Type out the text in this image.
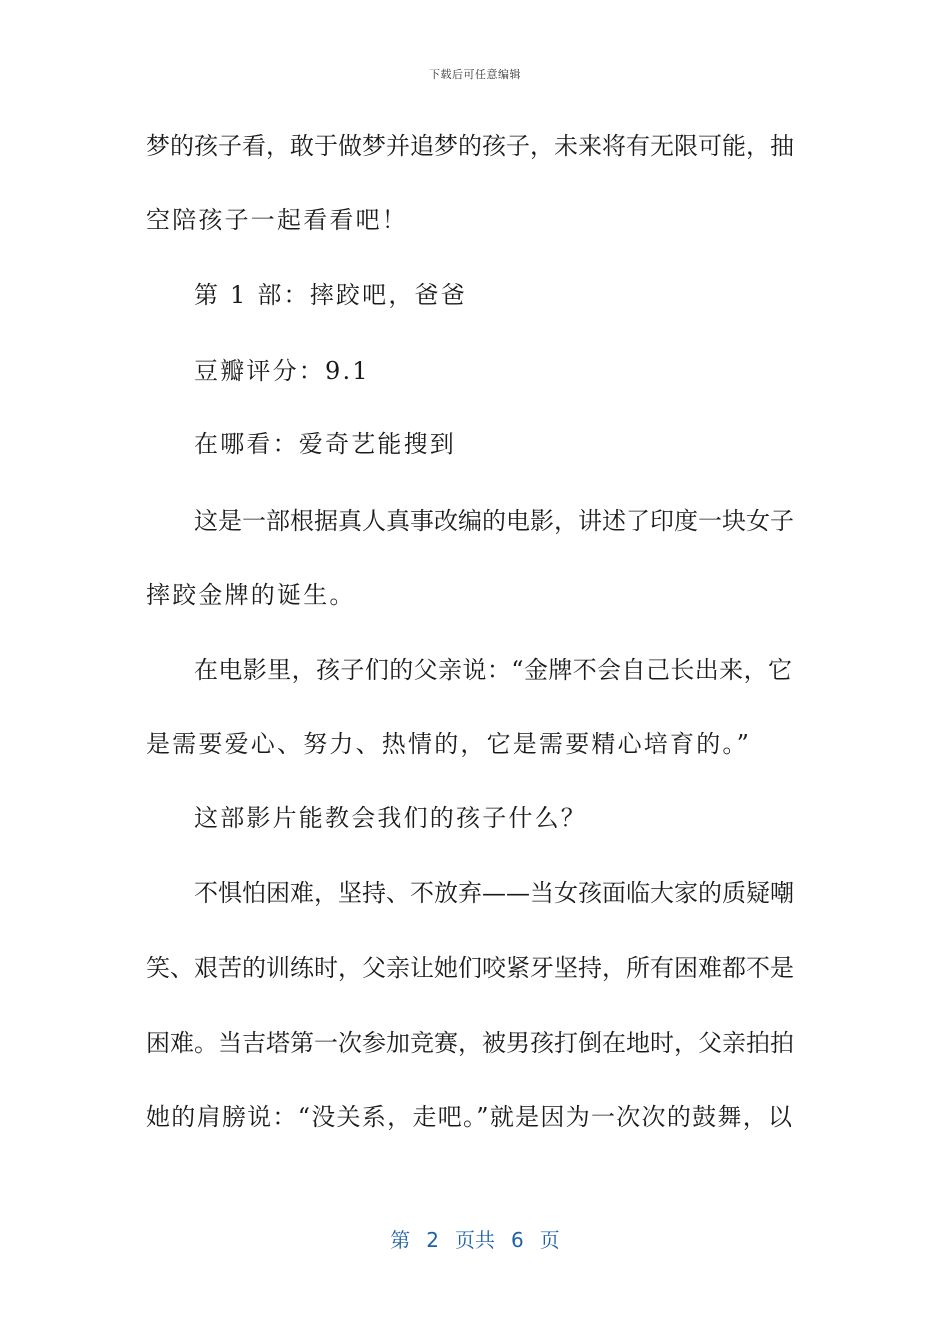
下载后可任意编辑
梦的孩子看，敢于做梦并追梦的孩子，未来将有无限可能，抽
空陪孩子一起看看吧！
第 1 部：摔跤吧，爸爸
豆瓣评分：9.1
在哪看：爱奇艺能搜到
这是一部根据真人真事改编的电影，讲述了印度一块女子
摔跤金牌的诞生。
在电影里，孩子们的父亲说：“金牌不会自己长出来，它
是需要爱心、努力、热情的，它是需要精心培育的。”
这部影片能教会我们的孩子什么？
不惧怕困难，坚持、不放弃——当女孩面临大家的质疑嘲
笑、艰苦的训练时，父亲让她们咬紧牙坚持，所有困难都不是
困难。当吉塔第一次参加竞赛，被男孩打倒在地时，父亲拍拍
她的肩膀说：“没关系，走吧。”就是因为一次次的鼓舞，以
第 2 页共 6 页
